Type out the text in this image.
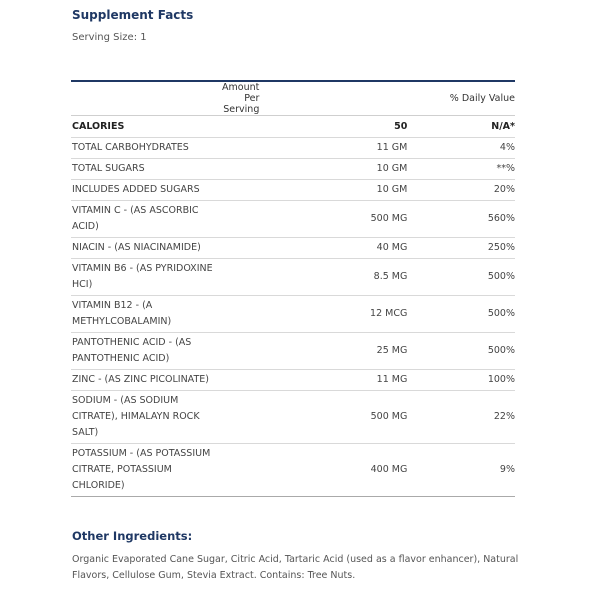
Supplement Facts
Serving Size: 1
	Amount Per Serving	% Daily Value
CALORIES	50	N/A*
TOTAL CARBOHYDRATES	11 GM	4%
TOTAL SUGARS	10 GM	**%
INCLUDES ADDED SUGARS	10 GM	20%
VITAMIN C - (AS ASCORBIC ACID)	500 MG	560%
NIACIN - (AS NIACINAMIDE)	40 MG	250%
VITAMIN B6 - (AS PYRIDOXINE HCI)	8.5 MG	500%
VITAMIN B12 - (A METHYLCOBALAMIN)	12 MCG	500%
PANTOTHENIC ACID - (AS PANTOTHENIC ACID)	25 MG	500%
ZINC - (AS ZINC PICOLINATE)	11 MG	100%
SODIUM - (AS SODIUM CITRATE), HIMALAYN ROCK SALT)	500 MG	22%
POTASSIUM - (AS POTASSIUM CITRATE, POTASSIUM CHLORIDE)	400 MG	9%
Other Ingredients:
Organic Evaporated Cane Sugar, Citric Acid, Tartaric Acid (used as a flavor enhancer), Natural Flavors, Cellulose Gum, Stevia Extract. Contains: Tree Nuts.
